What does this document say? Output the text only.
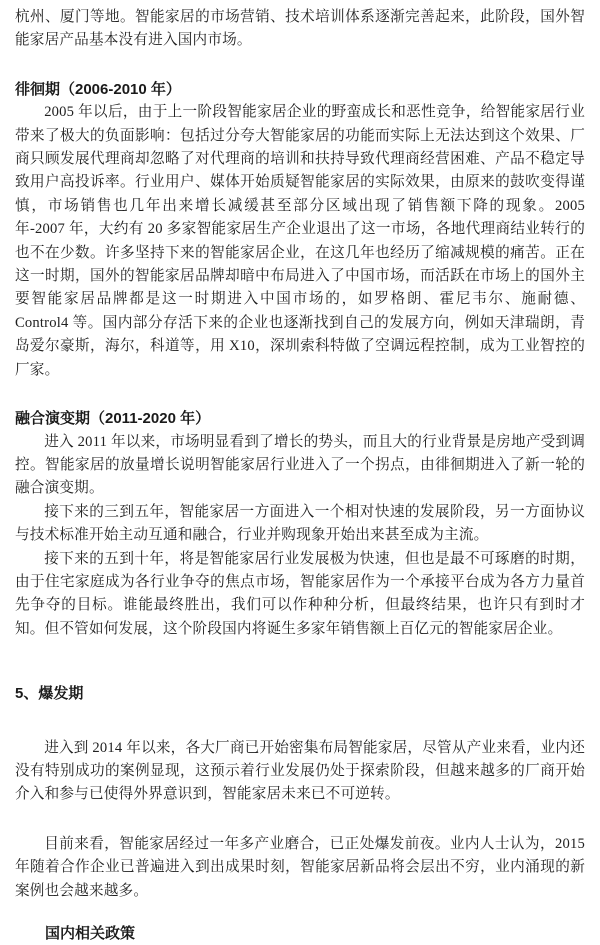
杭州、厦门等地。智能家居的市场营销、技术培训体系逐渐完善起来，此阶段，国外智能家居产品基本没有进入国内市场。

徘徊期（2006-2010 年）

2005 年以后，由于上一阶段智能家居企业的野蛮成长和恶性竞争，给智能家居行业带来了极大的负面影响：包括过分夸大智能家居的功能而实际上无法达到这个效果、厂商只顾发展代理商却忽略了对代理商的培训和扶持导致代理商经营困难、产品不稳定导致用户高投诉率。行业用户、媒体开始质疑智能家居的实际效果，由原来的鼓吹变得谨慎，市场销售也几年出来增长减缓甚至部分区域出现了销售额下降的现象。2005 年-2007 年，大约有 20 多家智能家居生产企业退出了这一市场，各地代理商结业转行的也不在少数。许多坚持下来的智能家居企业，在这几年也经历了缩减规模的痛苦。正在这一时期，国外的智能家居品牌却暗中布局进入了中国市场，而活跃在市场上的国外主要智能家居品牌都是这一时期进入中国市场的，如罗格朗、霍尼韦尔、施耐德、Control4 等。国内部分存活下来的企业也逐渐找到自己的发展方向，例如天津瑞朗，青岛爱尔豪斯，海尔，科道等，用 X10，深圳索科特做了空调远程控制，成为工业智控的厂家。

融合演变期（2011-2020 年）

进入 2011 年以来，市场明显看到了增长的势头，而且大的行业背景是房地产受到调控。智能家居的放量增长说明智能家居行业进入了一个拐点，由徘徊期进入了新一轮的融合演变期。

接下来的三到五年，智能家居一方面进入一个相对快速的发展阶段，另一方面协议与技术标准开始主动互通和融合，行业并购现象开始出来甚至成为主流。

接下来的五到十年，将是智能家居行业发展极为快速，但也是最不可琢磨的时期，由于住宅家庭成为各行业争夺的焦点市场，智能家居作为一个承接平台成为各方力量首先争夺的目标。谁能最终胜出，我们可以作种种分析，但最终结果，也许只有到时才知。但不管如何发展，这个阶段国内将诞生多家年销售额上百亿元的智能家居企业。

5、爆发期

进入到 2014 年以来，各大厂商已开始密集布局智能家居，尽管从产业来看，业内还没有特别成功的案例显现，这预示着行业发展仍处于探索阶段，但越来越多的厂商开始介入和参与已使得外界意识到，智能家居未来已不可逆转。

目前来看，智能家居经过一年多产业磨合，已正处爆发前夜。业内人士认为，2015 年随着合作企业已普遍进入到出成果时刻，智能家居新品将会层出不穷，业内涌现的新案例也会越来越多。

国内相关政策
